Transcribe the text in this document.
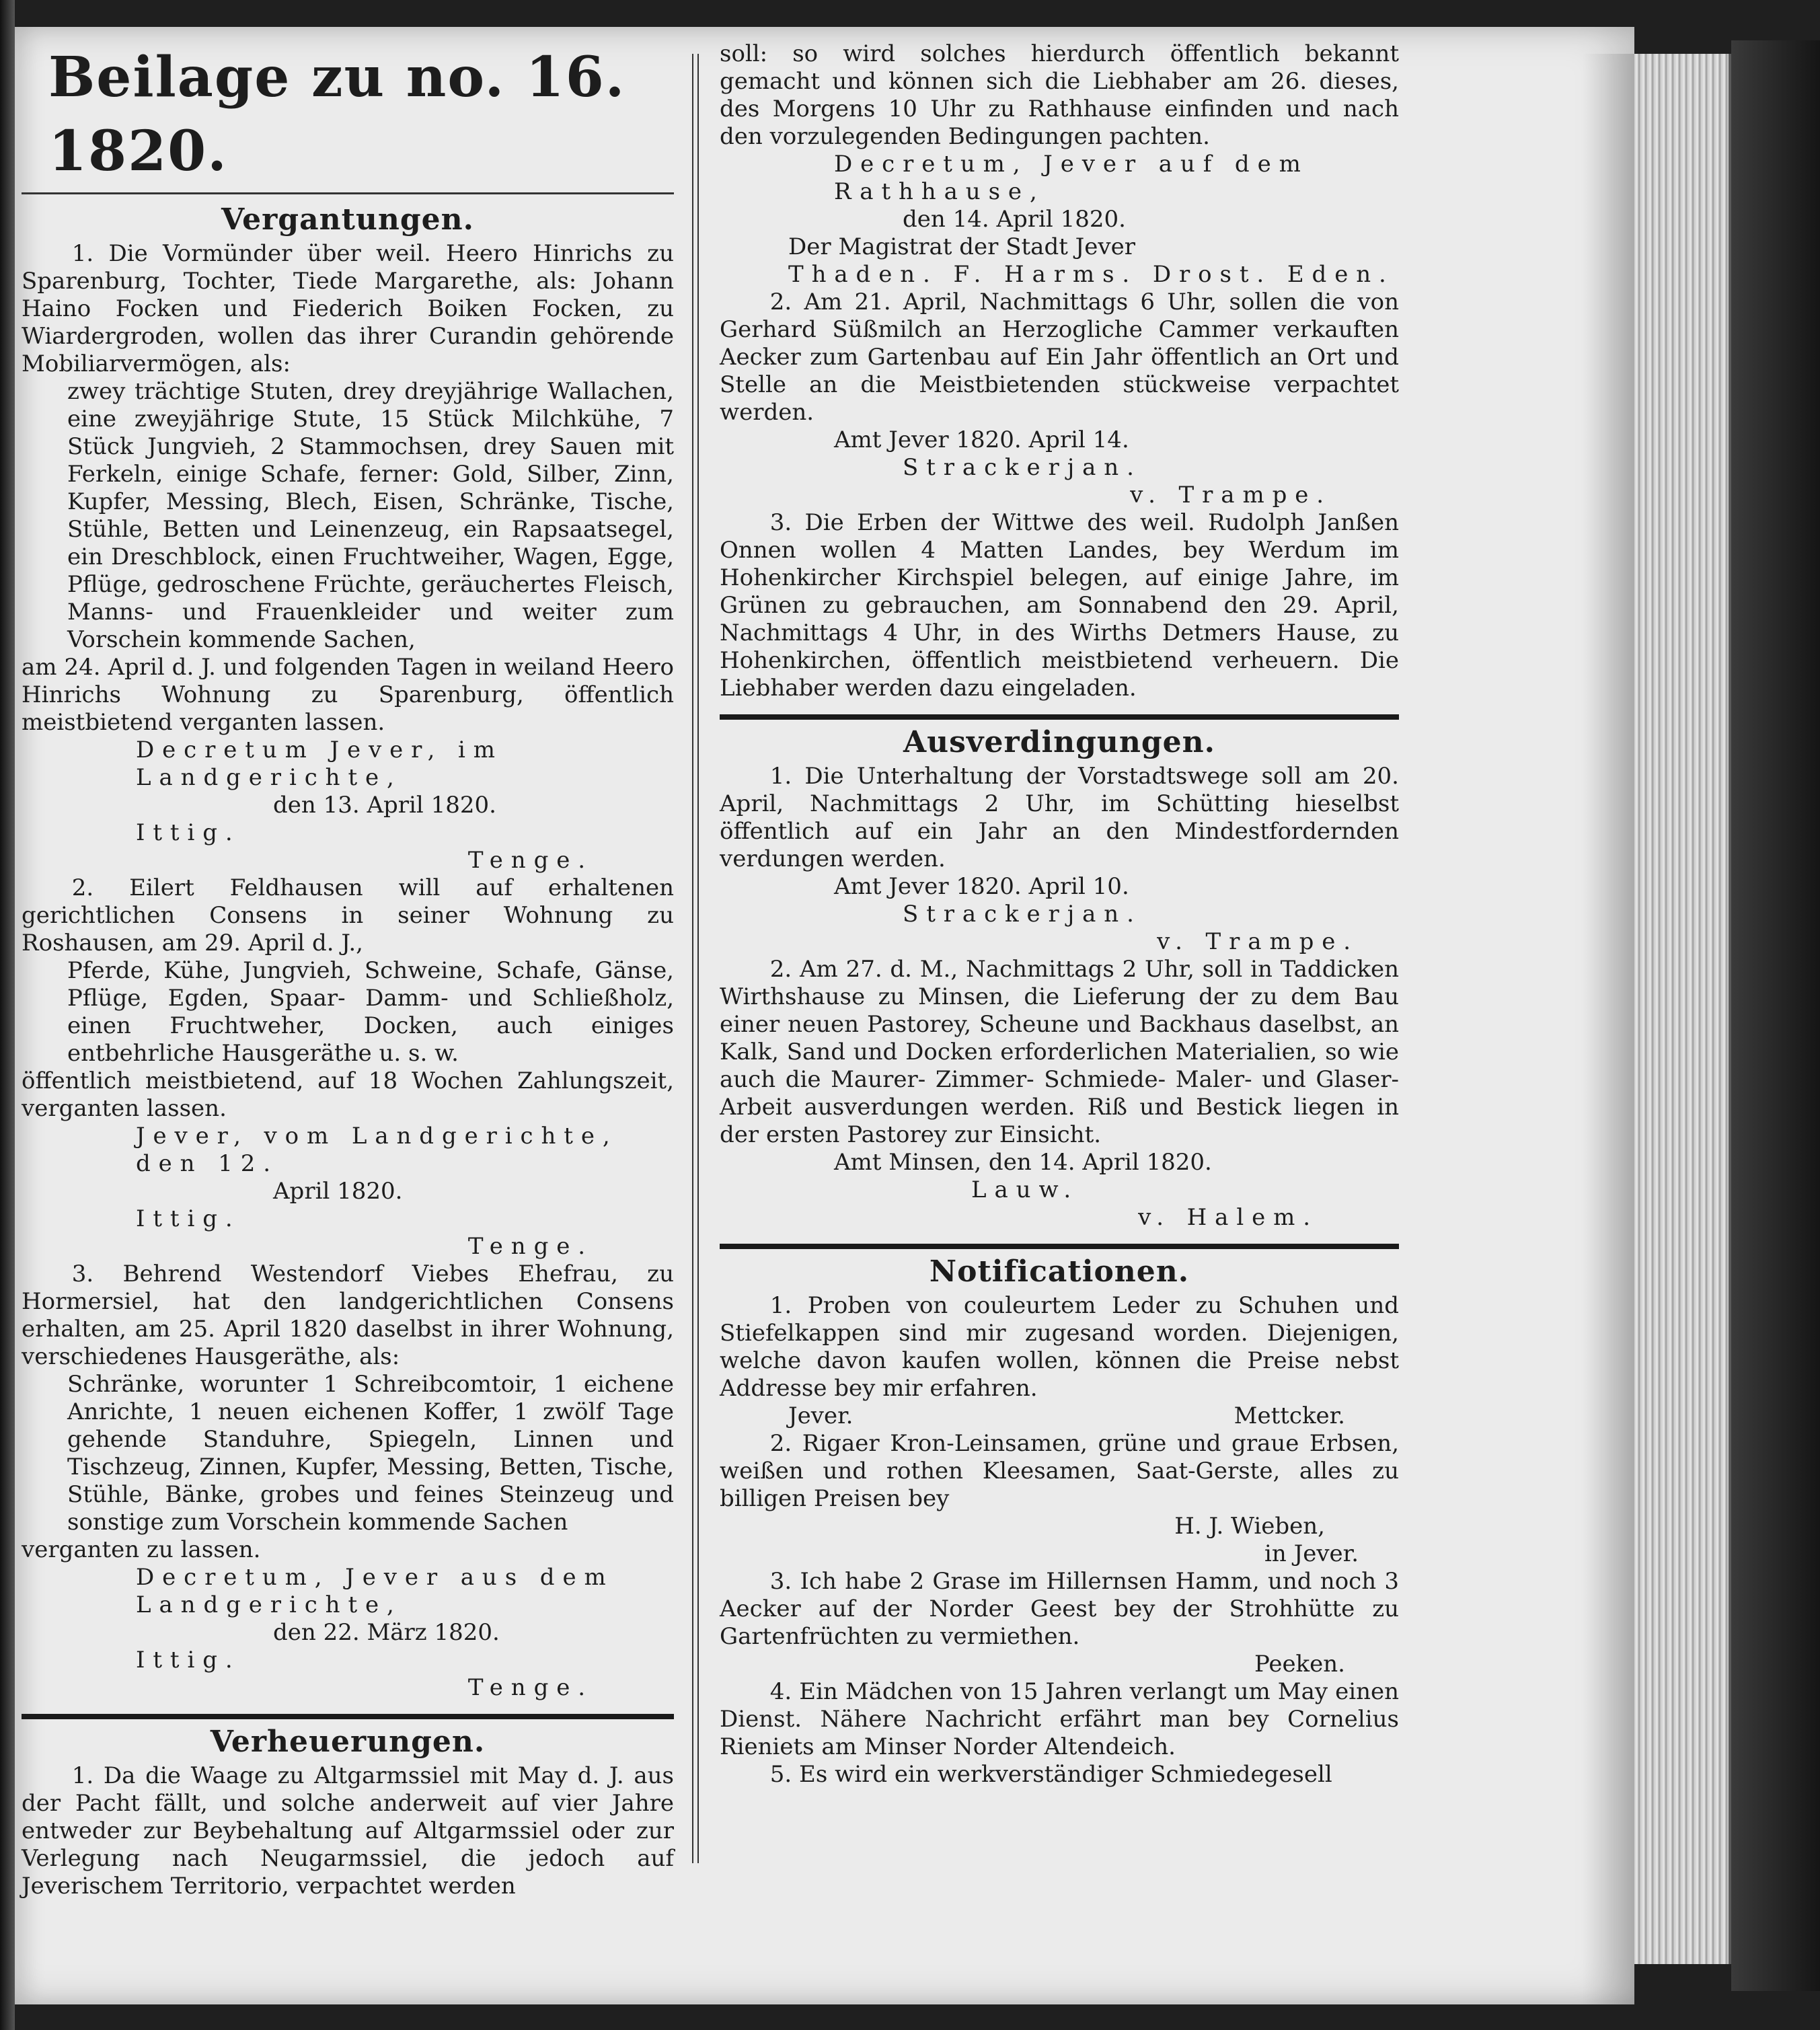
Beilage zu no. 16. 1820.
Vergantungen.

1. Die Vormünder über weil. Heero Hinrichs zu Sparenburg, Tochter, Tiede Margarethe, als: Johann Haino Focken und Fiederich Boiken Focken, zu Wiardergroden, wollen das ihrer Curandin gehörende Mobiliarvermögen, als:

zwey trächtige Stuten, drey dreyjährige Wallachen, eine zweyjährige Stute, 15 Stück Milchkühe, 7 Stück Jungvieh, 2 Stammochsen, drey Sauen mit Ferkeln, einige Schafe, ferner: Gold, Silber, Zinn, Kupfer, Messing, Blech, Eisen, Schränke, Tische, Stühle, Betten und Leinenzeug, ein Rapsaatsegel, ein Dreschblock, einen Fruchtweiher, Wagen, Egge, Pflüge, gedroschene Früchte, geräuchertes Fleisch, Manns- und Frauenkleider und weiter zum Vorschein kommende Sachen,

am 24. April d. J. und folgenden Tagen in weiland Heero Hinrichs Wohnung zu Sparenburg, öffentlich meistbietend verganten lassen.

Decretum Jever, im Landgerichte,
den 13. April 1820.
Ittig.
Tenge.

2. Eilert Feldhausen will auf erhaltenen gerichtlichen Consens in seiner Wohnung zu Roshausen, am 29. April d. J.,

Pferde, Kühe, Jungvieh, Schweine, Schafe, Gänse, Pflüge, Egden, Spaar- Damm- und Schließholz, einen Fruchtweher, Docken, auch einiges entbehrliche Hausgeräthe u. s. w.

öffentlich meistbietend, auf 18 Wochen Zahlungszeit, verganten lassen.

Jever, vom Landgerichte, den 12.
April 1820.
Ittig.
Tenge.

3. Behrend Westendorf Viebes Ehefrau, zu Hormersiel, hat den landgerichtlichen Consens erhalten, am 25. April 1820 daselbst in ihrer Wohnung, verschiedenes Hausgeräthe, als:

Schränke, worunter 1 Schreibcomtoir, 1 eichene Anrichte, 1 neuen eichenen Koffer, 1 zwölf Tage gehende Standuhre, Spiegeln, Linnen und Tischzeug, Zinnen, Kupfer, Messing, Betten, Tische, Stühle, Bänke, grobes und feines Steinzeug und sonstige zum Vorschein kommende Sachen

verganten zu lassen.

Decretum, Jever aus dem Landgerichte,
den 22. März 1820.
Ittig.
Tenge.
Verheuerungen.

1. Da die Waage zu Altgarmssiel mit May d. J. aus der Pacht fällt, und solche anderweit auf vier Jahre entweder zur Beybehaltung auf Altgarmssiel oder zur Verlegung nach Neugarmssiel, die jedoch auf Jeverischem Territorio, verpachtet werden

soll: so wird solches hierdurch öffentlich bekannt gemacht und können sich die Liebhaber am 26. dieses, des Morgens 10 Uhr zu Rathhause einfinden und nach den vorzulegenden Bedingungen pachten.

Decretum, Jever auf dem Rathhause,
den 14. April 1820.
Der Magistrat der Stadt Jever
Thaden. F. Harms. Drost. Eden.

2. Am 21. April, Nachmittags 6 Uhr, sollen die von Gerhard Süßmilch an Herzogliche Cammer verkauften Aecker zum Gartenbau auf Ein Jahr öffentlich an Ort und Stelle an die Meistbietenden stückweise verpachtet werden.

Amt Jever 1820. April 14.
Strackerjan.
v. Trampe.

3. Die Erben der Wittwe des weil. Rudolph Janßen Onnen wollen 4 Matten Landes, bey Werdum im Hohenkircher Kirchspiel belegen, auf einige Jahre, im Grünen zu gebrauchen, am Sonnabend den 29. April, Nachmittags 4 Uhr, in des Wirths Detmers Hause, zu Hohenkirchen, öffentlich meistbietend verheuern. Die Liebhaber werden dazu eingeladen.

Ausverdingungen.

1. Die Unterhaltung der Vorstadtswege soll am 20. April, Nachmittags 2 Uhr, im Schütting hieselbst öffentlich auf ein Jahr an den Mindestfordernden verdungen werden.

Amt Jever 1820. April 10.
Strackerjan.
v. Trampe.

2. Am 27. d. M., Nachmittags 2 Uhr, soll in Taddicken Wirthshause zu Minsen, die Lieferung der zu dem Bau einer neuen Pastorey, Scheune und Backhaus daselbst, an Kalk, Sand und Docken erforderlichen Materialien, so wie auch die Maurer- Zimmer- Schmiede- Maler- und Glaser-Arbeit ausverdungen werden. Riß und Bestick liegen in der ersten Pastorey zur Einsicht.

Amt Minsen, den 14. April 1820.
Lauw.
v. Halem.
Notificationen.

1. Proben von couleurtem Leder zu Schuhen und Stiefelkappen sind mir zugesand worden. Diejenigen, welche davon kaufen wollen, können die Preise nebst Addresse bey mir erfahren.

Jever.	Mettcker.

2. Rigaer Kron-Leinsamen, grüne und graue Erbsen, weißen und rothen Kleesamen, Saat-Gerste, alles zu billigen Preisen bey

H. J. Wieben,
in Jever.

3. Ich habe 2 Grase im Hillernsen Hamm, und noch 3 Aecker auf der Norder Geest bey der Strohhütte zu Gartenfrüchten zu vermiethen.

Peeken.

4. Ein Mädchen von 15 Jahren verlangt um May einen Dienst. Nähere Nachricht erfährt man bey Cornelius Rieniets am Minser Norder Altendeich.

5. Es wird ein werkverständiger Schmiedegesell
